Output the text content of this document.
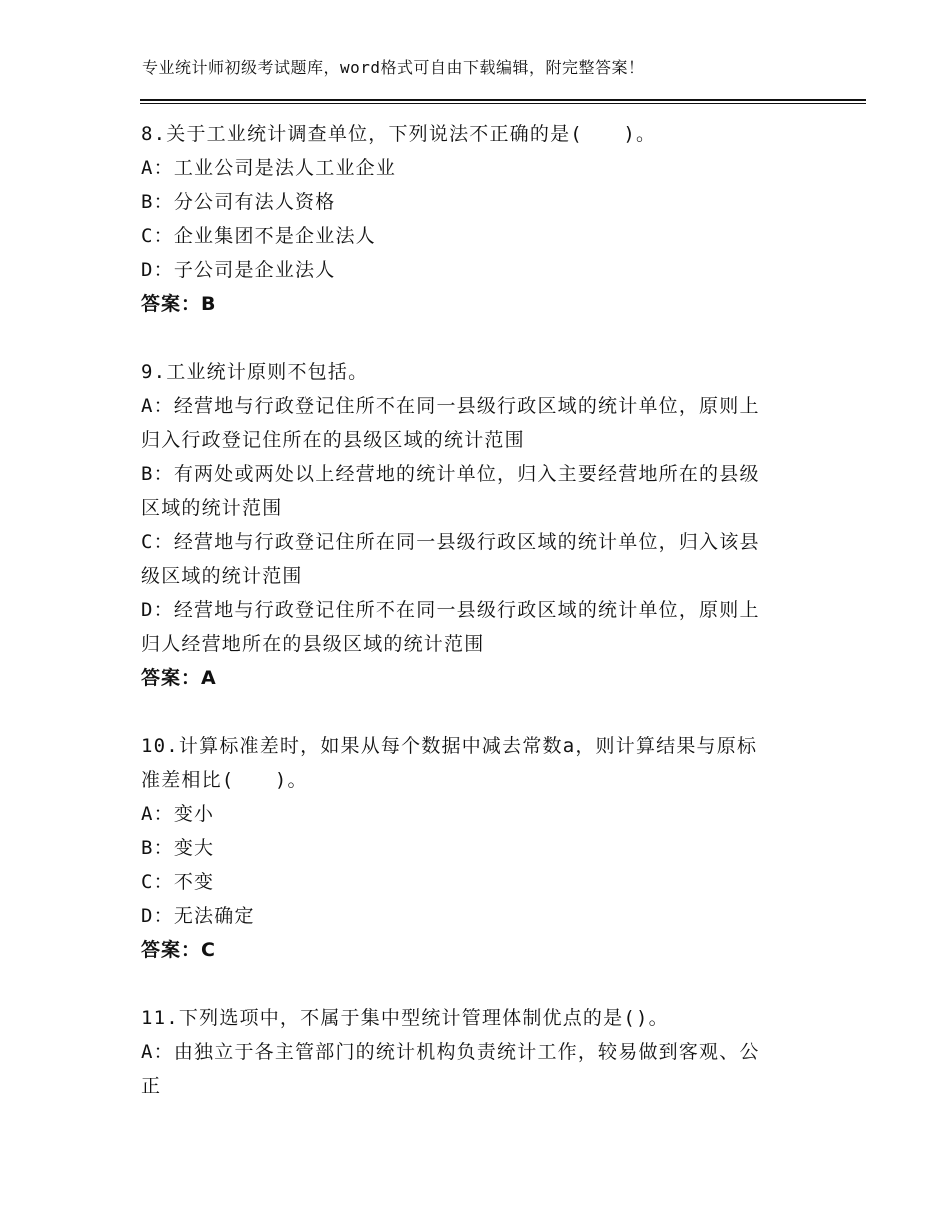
专业统计师初级考试题库，word格式可自由下载编辑，附完整答案！
8.关于工业统计调查单位，下列说法不正确的是(　　)。
A：工业公司是法人工业企业
B：分公司有法人资格
C：企业集团不是企业法人
D：子公司是企业法人
答案：B
9.工业统计原则不包括。
A：经营地与行政登记住所不在同一县级行政区域的统计单位，原则上
归入行政登记住所在的县级区域的统计范围
B：有两处或两处以上经营地的统计单位，归入主要经营地所在的县级
区域的统计范围
C：经营地与行政登记住所在同一县级行政区域的统计单位，归入该县
级区域的统计范围
D：经营地与行政登记住所不在同一县级行政区域的统计单位，原则上
归人经营地所在的县级区域的统计范围
答案：A
10.计算标准差时，如果从每个数据中减去常数a，则计算结果与原标
准差相比(　　)。
A：变小
B：变大
C：不变
D：无法确定
答案：C
11.下列选项中，不属于集中型统计管理体制优点的是()。
A：由独立于各主管部门的统计机构负责统计工作，较易做到客观、公
正
